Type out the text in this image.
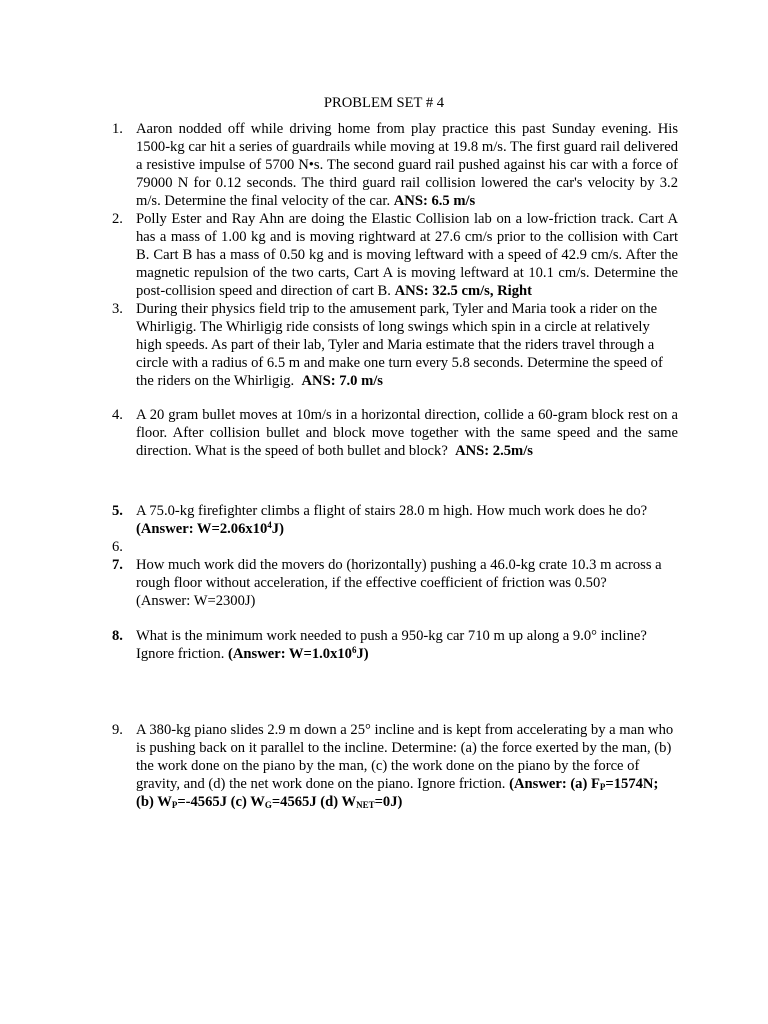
PROBLEM SET # 4
1. Aaron nodded off while driving home from play practice this past Sunday evening. His 1500-kg car hit a series of guardrails while moving at 19.8 m/s. The first guard rail delivered a resistive impulse of 5700 N•s. The second guard rail pushed against his car with a force of 79000 N for 0.12 seconds. The third guard rail collision lowered the car's velocity by 3.2 m/s. Determine the final velocity of the car. ANS: 6.5 m/s
2. Polly Ester and Ray Ahn are doing the Elastic Collision lab on a low-friction track. Cart A has a mass of 1.00 kg and is moving rightward at 27.6 cm/s prior to the collision with Cart B. Cart B has a mass of 0.50 kg and is moving leftward with a speed of 42.9 cm/s. After the magnetic repulsion of the two carts, Cart A is moving leftward at 10.1 cm/s. Determine the post-collision speed and direction of cart B. ANS: 32.5 cm/s, Right
3. During their physics field trip to the amusement park, Tyler and Maria took a rider on the Whirligig. The Whirligig ride consists of long swings which spin in a circle at relatively high speeds. As part of their lab, Tyler and Maria estimate that the riders travel through a circle with a radius of 6.5 m and make one turn every 5.8 seconds. Determine the speed of the riders on the Whirligig. ANS: 7.0 m/s
4. A 20 gram bullet moves at 10m/s in a horizontal direction, collide a 60-gram block rest on a floor. After collision bullet and block move together with the same speed and the same direction. What is the speed of both bullet and block? ANS: 2.5m/s
5. A 75.0-kg firefighter climbs a flight of stairs 28.0 m high. How much work does he do?
(Answer: $W=2.06x10^4J$)
6.
7. How much work did the movers do (horizontally) pushing a 46.0-kg crate 10.3 m across a rough floor without acceleration, if the effective coefficient of friction was 0.50?
(Answer: W=2300J)
8. What is the minimum work needed to push a 950-kg car 710 m up along a 9.0° incline? Ignore friction. (Answer: $W=1.0x10^6J$)
9. A 380-kg piano slides 2.9 m down a 25° incline and is kept from accelerating by a man who is pushing back on it parallel to the incline. Determine: (a) the force exerted by the man, (b) the work done on the piano by the man, (c) the work done on the piano by the force of gravity, and (d) the net work done on the piano. Ignore friction. (Answer: (a) $F_P=1574N$; (b) $W_P=-4565J$ (c) $W_G=4565J$ (d) $W_{NET}=0J$)
